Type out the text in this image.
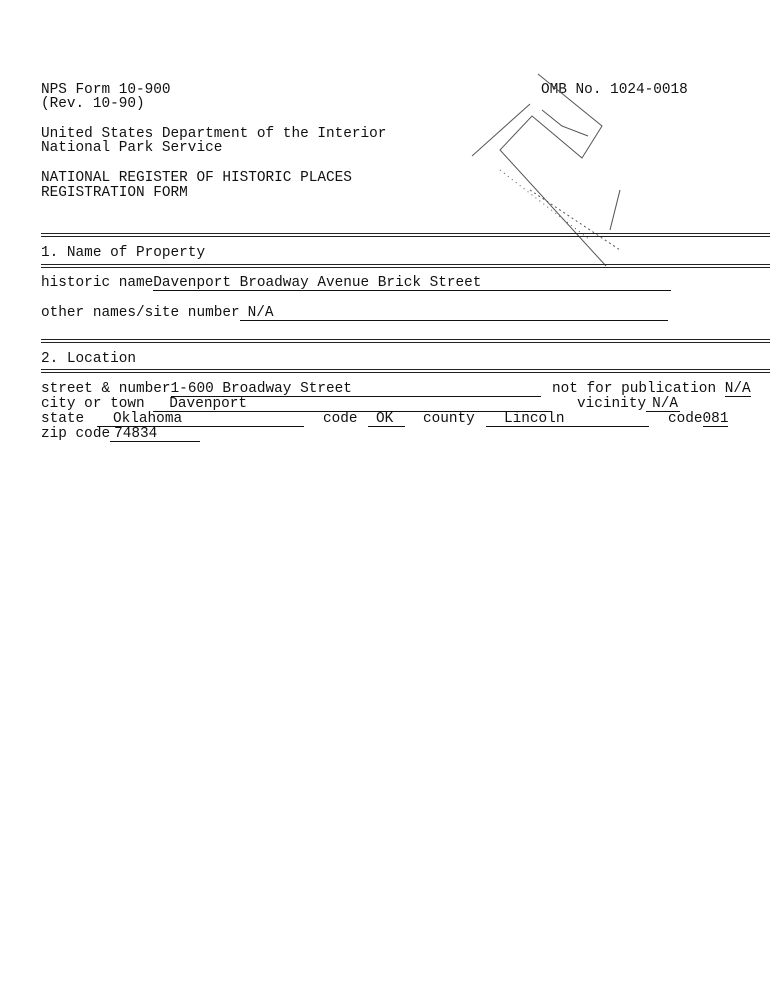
NPS Form 10-900
(Rev. 10-90)
OMB No. 1024-0018
United States Department of the Interior
National Park Service
NATIONAL REGISTER OF HISTORIC PLACES
REGISTRATION FORM
1. Name of Property
historic nameDavenport Broadway Avenue Brick Street
other names/site number N/A
2. Location
street & number1-600 Broadway Street	not for publication N/A
city or town Davenport	vicinity N/A
state	Oklahoma	code	OK	county	Lincoln	code081
zip code 74834
